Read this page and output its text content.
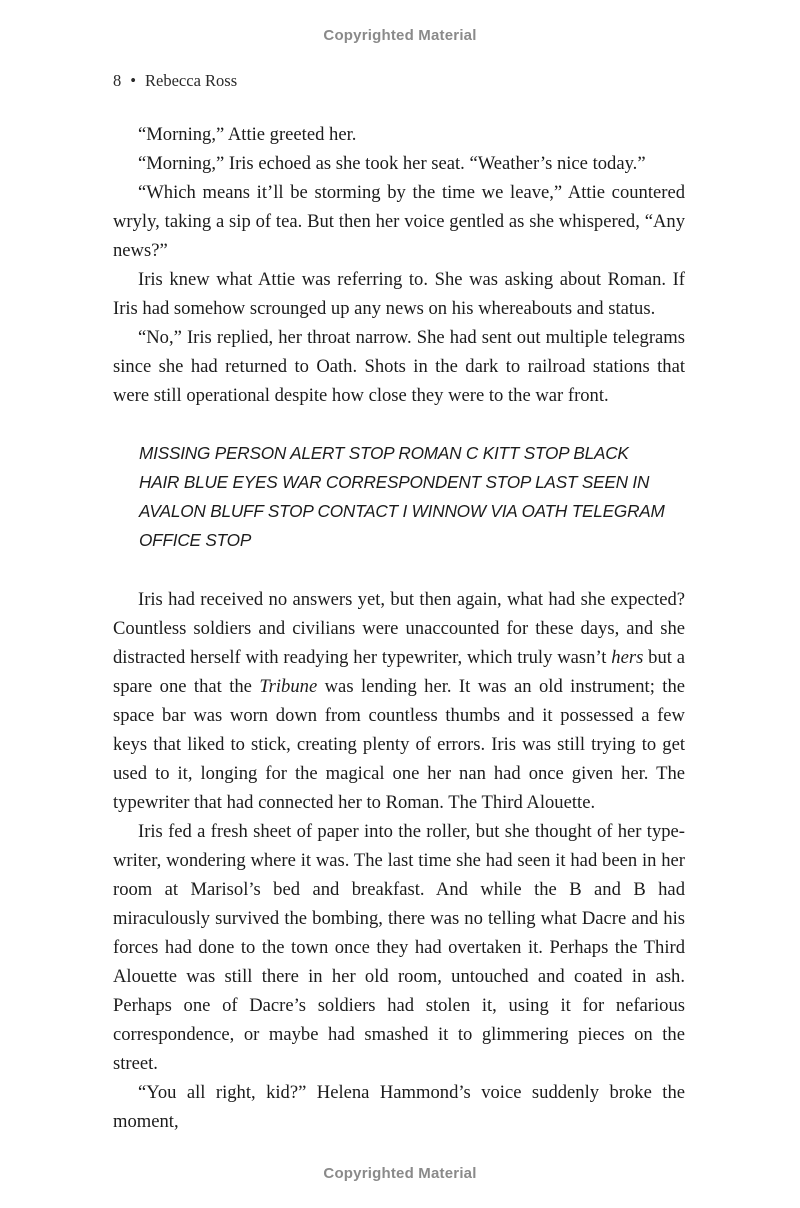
Copyrighted Material
8 • Rebecca Ross

“Morning,” Attie greeted her.

“Morning,” Iris echoed as she took her seat. “Weather’s nice today.”

“Which means it’ll be storming by the time we leave,” Attie countered wryly, taking a sip of tea. But then her voice gentled as she whispered, “Any news?”

Iris knew what Attie was referring to. She was asking about Roman. If Iris had somehow scrounged up any news on his whereabouts and status.

“No,” Iris replied, her throat narrow. She had sent out multiple telegrams since she had returned to Oath. Shots in the dark to railroad stations that were still operational despite how close they were to the war front.

MISSING PERSON ALERT STOP ROMAN C KITT STOP BLACK
HAIR BLUE EYES WAR CORRESPONDENT STOP LAST SEEN IN
AVALON BLUFF STOP CONTACT I WINNOW VIA OATH TELEGRAM
OFFICE STOP

Iris had received no answers yet, but then again, what had she expected? Countless soldiers and civilians were unaccounted for these days, and she distracted herself with readying her typewriter, which truly wasn’t hers but a spare one that the Tribune was lending her. It was an old instrument; the space bar was worn down from countless thumbs and it possessed a few keys that liked to stick, creating plenty of errors. Iris was still trying to get used to it, longing for the magical one her nan had once given her. The typewriter that had connected her to Roman. The Third Alouette.

Iris fed a fresh sheet of paper into the roller, but she thought of her typewriter, wondering where it was. The last time she had seen it had been in her room at Marisol’s bed and breakfast. And while the B and B had miraculously survived the bombing, there was no telling what Dacre and his forces had done to the town once they had overtaken it. Perhaps the Third Alouette was still there in her old room, untouched and coated in ash. Perhaps one of Dacre’s soldiers had stolen it, using it for nefarious correspondence, or maybe had smashed it to glimmering pieces on the street.

“You all right, kid?” Helena Hammond’s voice suddenly broke the moment,

Copyrighted Material
